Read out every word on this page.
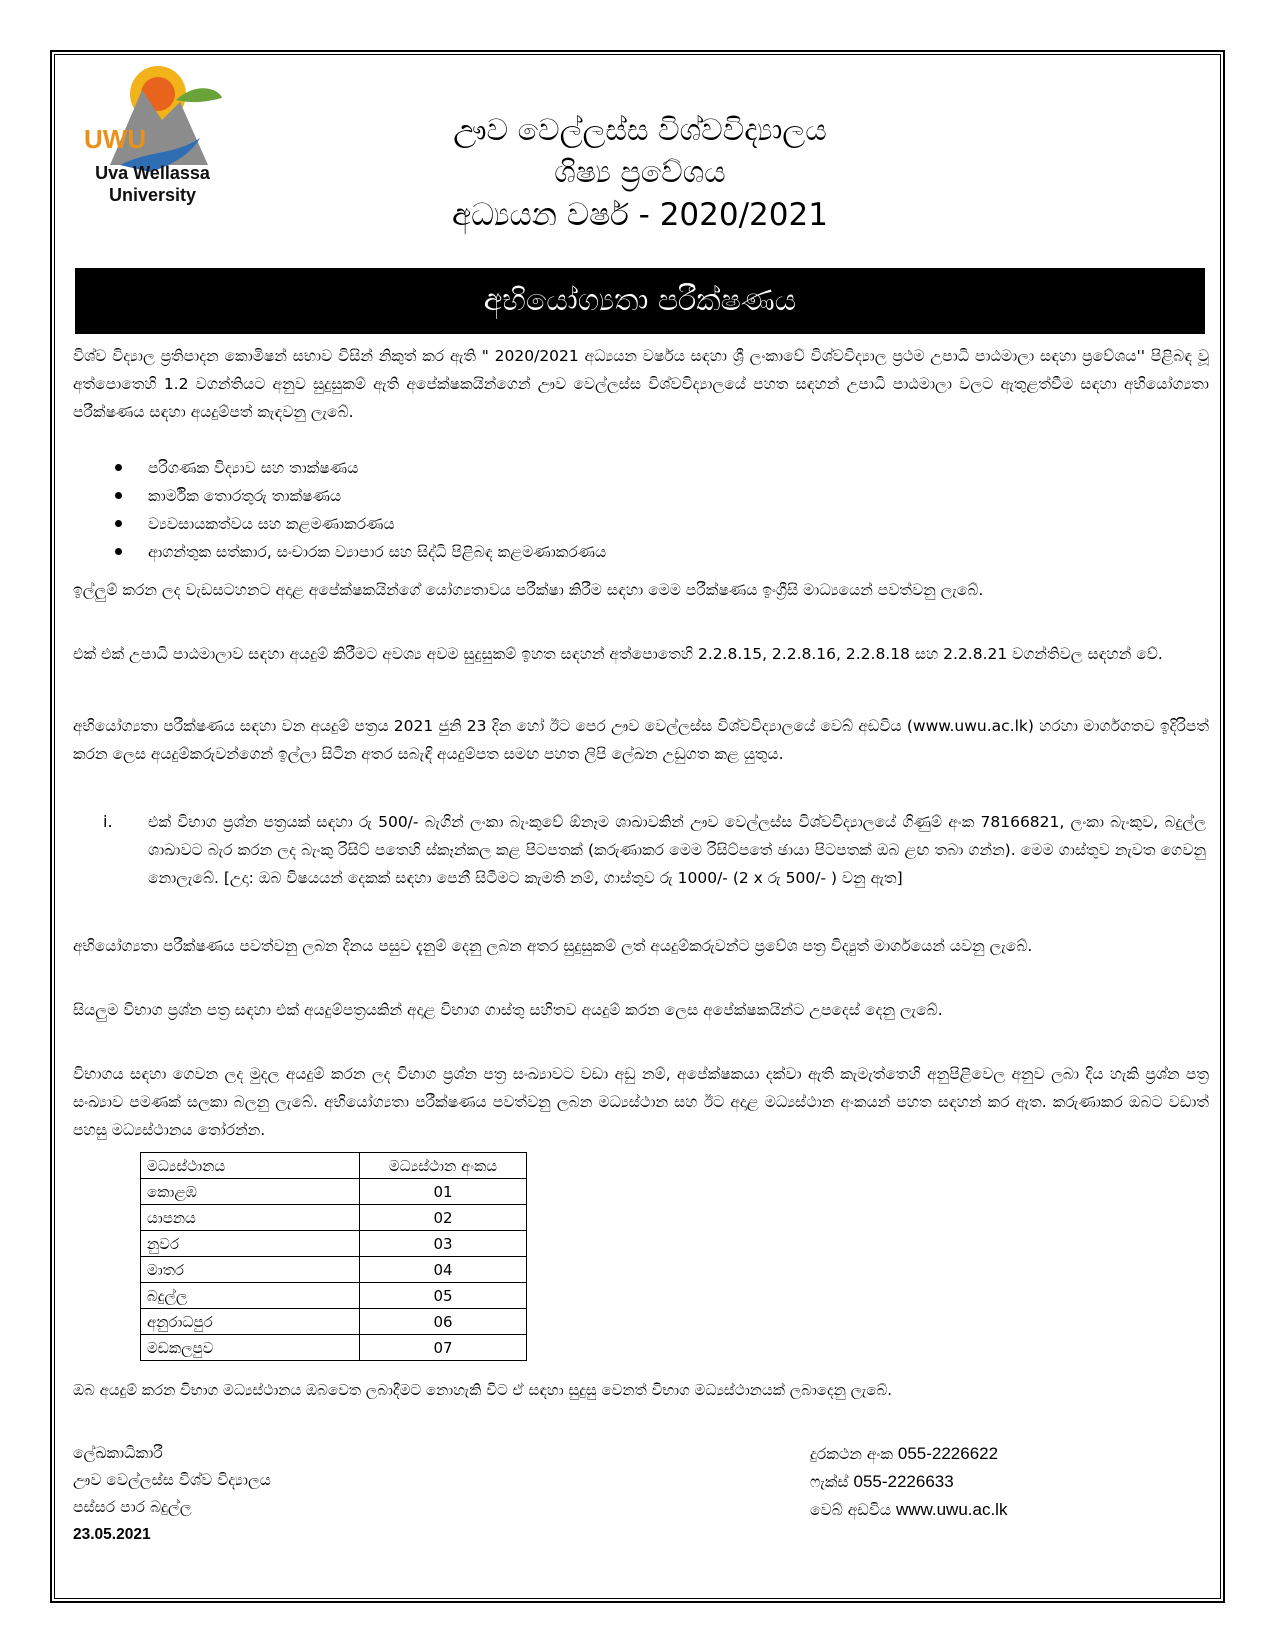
UWU
Uva Wellassa
University
ඌව වෙල්ලස්ස විශ්වවිද්‍යාලය
ශිෂ්‍ය ප්‍රවේශය
අධ්‍යයන වර්ෂ - 2020/2021
අභියෝග්‍යතා පරීක්ෂණය

විශ්ව විද්‍යාල ප්‍රතිපාදන කොමිෂන් සභාව විසින් නිකුත් කර ඇති " 2020/2021 අධ්‍යයන වර්ෂය සඳහා ශ්‍රී ලංකාවේ විශ්වවිද්‍යාල ප්‍රථම උපාධි පාඨමාලා සඳහා ප්‍රවේශය'' පිළිබඳ වූ අත්පොතෙහි 1.2 වගන්තියට අනුව සුදුසුකම් ඇති අපේක්ෂකයින්ගෙන් ඌව වෙල්ලස්ස විශ්වවිද්‍යාලයේ පහත සඳහන් උපාධි පාඨමාලා වලට ඇතුළත්වීම සඳහා අභියෝග්‍යතා පරීක්ෂණය සඳහා අයදුම්පත් කැඳවනු ලැබේ.

පරිගණක විද්‍යාව සහ තාක්ෂණය
කාර්මික තොරතුරු තාක්ෂණය
ව්‍යවසායකත්වය සහ කළමණාකරණය
ආගන්තුක සත්කාර, සංචාරක ව්‍යාපාර සහ සිද්ධි පිළිබඳ කළමණාකරණය

ඉල්ලුම් කරන ලද වැඩසටහනට අදාළ අපේක්ෂකයින්ගේ යෝග්‍යතාවය පරීක්ෂා කිරීම සඳහා මෙම පරීක්ෂණය ඉංග්‍රීසි මාධ්‍යයෙන් පවත්වනු ලැබේ.

එක් එක් උපාධි පාඨමාලාව සඳහා අයදුම් කිරීමට අවශ්‍ය අවම සුදුසුකම් ඉහත සඳහන් අත්පොතෙහි 2.2.8.15, 2.2.8.16, 2.2.8.18 සහ 2.2.8.21 වගන්තිවල සඳහන් වේ.

අභියෝග්‍යතා පරීක්ෂණය සඳහා වන අයදුම් පත්‍රය 2021 ජුනි 23 දින හෝ ඊට පෙර ඌව වෙල්ලස්ස විශ්වවිද්‍යාලයේ වෙබ් අඩවිය (www.uwu.ac.lk) හරහා මාර්ගගතව ඉදිරිපත් කරන ලෙස අයදුම්කරුවන්ගෙන් ඉල්ලා සිටින අතර සබැඳි අයදුම්පත සමඟ පහත ලිපි ලේඛන උඩුගත කළ යුතුය.

i. එක් විභාග ප්‍රශ්න පත්‍රයක් සඳහා රු 500/- බැගින් ලංකා බැංකුවේ ඕනෑම ශාඛාවකින් ඌව වෙල්ලස්ස විශ්වවිද්‍යාලයේ ගිණුම් අංක 78166821, ලංකා බැංකුව, බදුල්ල ශාඛාවට බැර කරන ලද බැංකු රිසිට් පතෙහි ස්කෑන්කල කළ පිටපතක් (කරුණාකර මෙම රිසිට්පතේ ඡායා පිටපතක් ඔබ ළඟ තබා ගන්න). මෙම ගාස්තුව නැවත ගෙවනු නොලැබේ. [උදා: ඔබ විෂයයන් දෙකක් සඳහා පෙනී සිටීමට කැමති නම්, ගාස්තුව රු 1000/- (2 x රු 500/- ) වනු ඇත]

අභියෝග්‍යතා පරීක්ෂණය පවත්වනු ලබන දිනය පසුව දැනුම් දෙනු ලබන අතර සුදුසුකම් ලත් අයදුම්කරුවන්ට ප්‍රවේශ පත්‍ර විද්‍යුත් මාර්ගයෙන් යවනු ලැබේ.

සියලුම විභාග ප්‍රශ්න පත්‍ර සඳහා එක් අයදුම්පත්‍රයකින් අදාළ විභාග ගාස්තු සහිතව අයදුම් කරන ලෙස අපේක්ෂකයින්ට උපදෙස් දෙනු ලැබේ.

විභාගය සඳහා ගෙවන ලද මුදල අයදුම් කරන ලද විභාග ප්‍රශ්න පත්‍ර සංඛ්‍යාවට වඩා අඩු නම්, අපේක්ෂකයා දක්වා ඇති කැමැත්තෙහි අනුපිළිවෙල අනුව ලබා දිය හැකි ප්‍රශ්න පත්‍ර සංඛ්‍යාව පමණක් සලකා බලනු ලැබේ. අභියෝග්‍යතා පරීක්ෂණය පවත්වනු ලබන මධ්‍යස්ථාන සහ ඊට අදාළ මධ්‍යස්ථාන අංකයන් පහත සඳහන් කර ඇත. කරුණාකර ඔබට වඩාත් පහසු මධ්‍යස්ථානය තෝරන්න.

මධ්‍යස්ථානය	මධ්‍යස්ථාන අංකය
කොළඹ	01
යාපනය	02
නුවර	03
මාතර	04
බදුල්ල	05
අනුරාධපුර	06
මඩකලපුව	07
ඔබ අයදුම් කරන විභාග මධ්‍යස්ථානය ඔබවෙත ලබාදීමට නොහැකි විට ඒ සඳහා සුදුසු වෙනත් විභාග මධ්‍යස්ථානයක් ලබාදෙනු ලැබේ.
ලේඛකාධිකාරී
ඌව වෙල්ලස්ස විශ්ව විද්‍යාලය
පස්සර පාර බදුල්ල
23.05.2021
දුරකථන අංක 055-2226622
ෆැක්ස් 055-2226633
වෙබ් අඩවිය www.uwu.ac.lk
